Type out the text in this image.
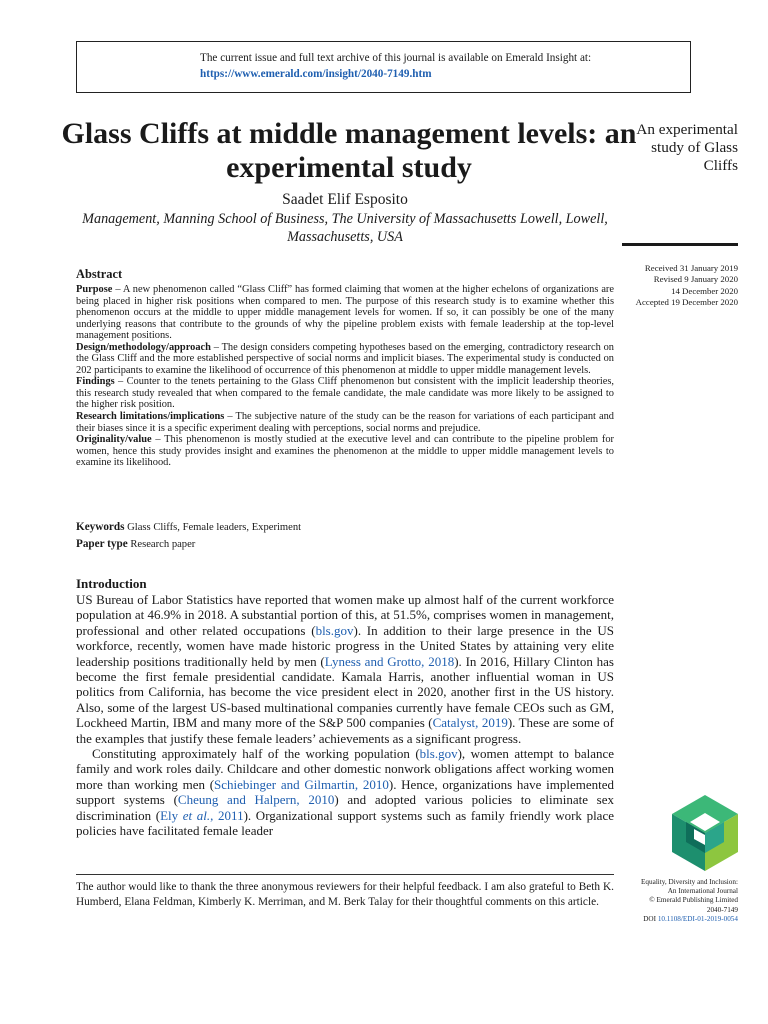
The current issue and full text archive of this journal is available on Emerald Insight at:
https://www.emerald.com/insight/2040-7149.htm
Glass Cliffs at middle management levels: an experimental study
Saadet Elif Esposito
Management, Manning School of Business, The University of Massachusetts Lowell, Lowell, Massachusetts, USA
An experimental study of Glass Cliffs
Received 31 January 2019
Revised 9 January 2020
14 December 2020
Accepted 19 December 2020
Abstract

Purpose – A new phenomenon called “Glass Cliff” has formed claiming that women at the higher echelons of organizations are being placed in higher risk positions when compared to men. The purpose of this research study is to examine whether this phenomenon occurs at the middle to upper middle management levels for women. If so, it can possibly be one of the many underlying reasons that contribute to the grounds of why the pipeline problem exists with female leadership at the top-level management positions.

Design/methodology/approach – The design considers competing hypotheses based on the emerging, contradictory research on the Glass Cliff and the more established perspective of social norms and implicit biases. The experimental study is conducted on 202 participants to examine the likelihood of occurrence of this phenomenon at middle to upper middle management levels.

Findings – Counter to the tenets pertaining to the Glass Cliff phenomenon but consistent with the implicit leadership theories, this research study revealed that when compared to the female candidate, the male candidate was more likely to be assigned to the higher risk position.

Research limitations/implications – The subjective nature of the study can be the reason for variations of each participant and their biases since it is a specific experiment dealing with perceptions, social norms and prejudice.

Originality/value – This phenomenon is mostly studied at the executive level and can contribute to the pipeline problem for women, hence this study provides insight and examines the phenomenon at the middle to upper middle management levels to examine its likelihood.

Keywords Glass Cliffs, Female leaders, Experiment
Paper type Research paper
Introduction

US Bureau of Labor Statistics have reported that women make up almost half of the current workforce population at 46.9% in 2018. A substantial portion of this, at 51.5%, comprises women in management, professional and other related occupations (bls.gov). In addition to their large presence in the US workforce, recently, women have made historic progress in the United States by attaining very elite leadership positions traditionally held by men (Lyness and Grotto, 2018). In 2016, Hillary Clinton has become the first female presidential candidate. Kamala Harris, another influential woman in US politics from California, has become the vice president elect in 2020, another first in the US history. Also, some of the largest US-based multinational companies currently have female CEOs such as GM, Lockheed Martin, IBM and many more of the S&P 500 companies (Catalyst, 2019). These are some of the examples that justify these female leaders’ achievements as a significant progress.

Constituting approximately half of the working population (bls.gov), women attempt to balance family and work roles daily. Childcare and other domestic nonwork obligations affect working women more than working men (Schiebinger and Gilmartin, 2010). Hence, organizations have implemented support systems (Cheung and Halpern, 2010) and adopted various policies to eliminate sex discrimination (Ely et al., 2011). Organizational support systems such as family friendly work place policies have facilitated female leader

The author would like to thank the three anonymous reviewers for their helpful feedback. I am also grateful to Beth K. Humberd, Elana Feldman, Kimberly K. Merriman, and M. Berk Talay for their thoughtful comments on this article.
Equality, Diversity and Inclusion:
An International Journal
© Emerald Publishing Limited
2040-7149
DOI 10.1108/EDI-01-2019-0054
